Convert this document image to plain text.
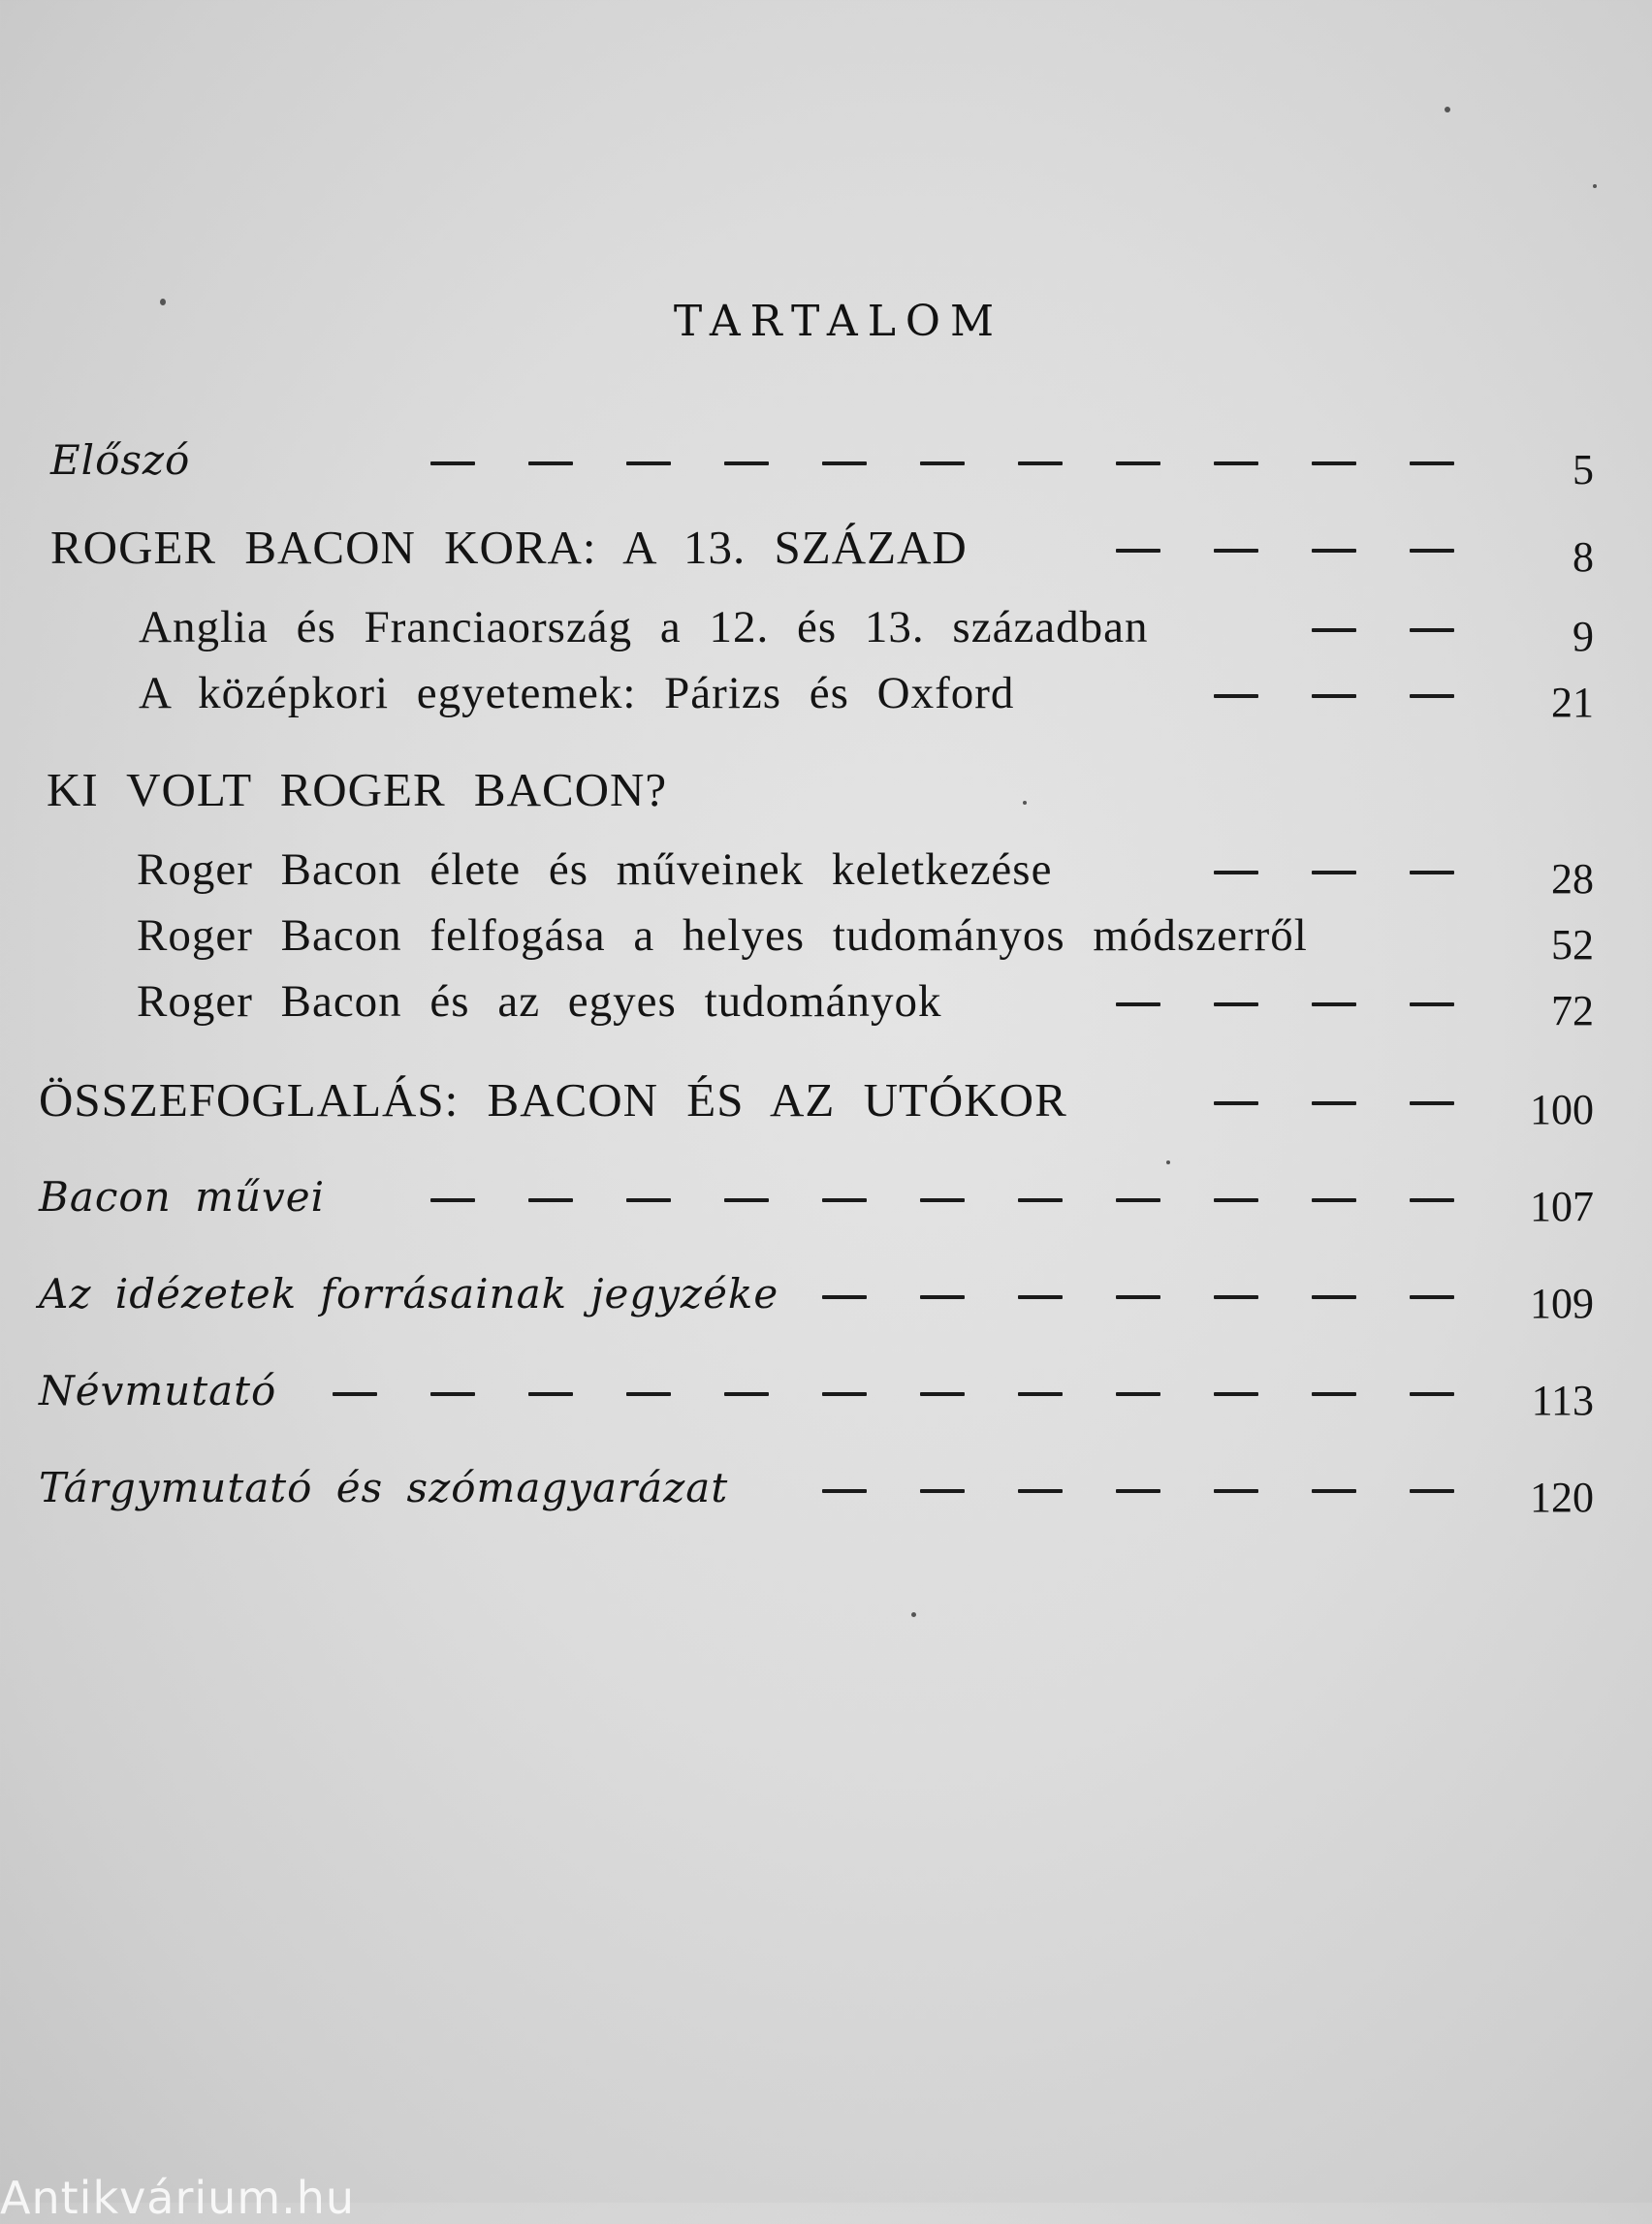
TARTALOM
Előszó	5
ROGER BACON KORA: A 13. SZÁZAD	8
Anglia és Franciaország a 12. és 13. században	9
A középkori egyetemek: Párizs és Oxford	21
KI VOLT ROGER BACON?
Roger Bacon élete és műveinek keletkezése	28
Roger Bacon felfogása a helyes tudományos módszerről	52
Roger Bacon és az egyes tudományok	72
ÖSSZEFOGLALÁS: BACON ÉS AZ UTÓKOR	100
Bacon művei	107
Az idézetek forrásainak jegyzéke	109
Névmutató	113
Tárgymutató és szómagyarázat	120
Antikvárium.hu
